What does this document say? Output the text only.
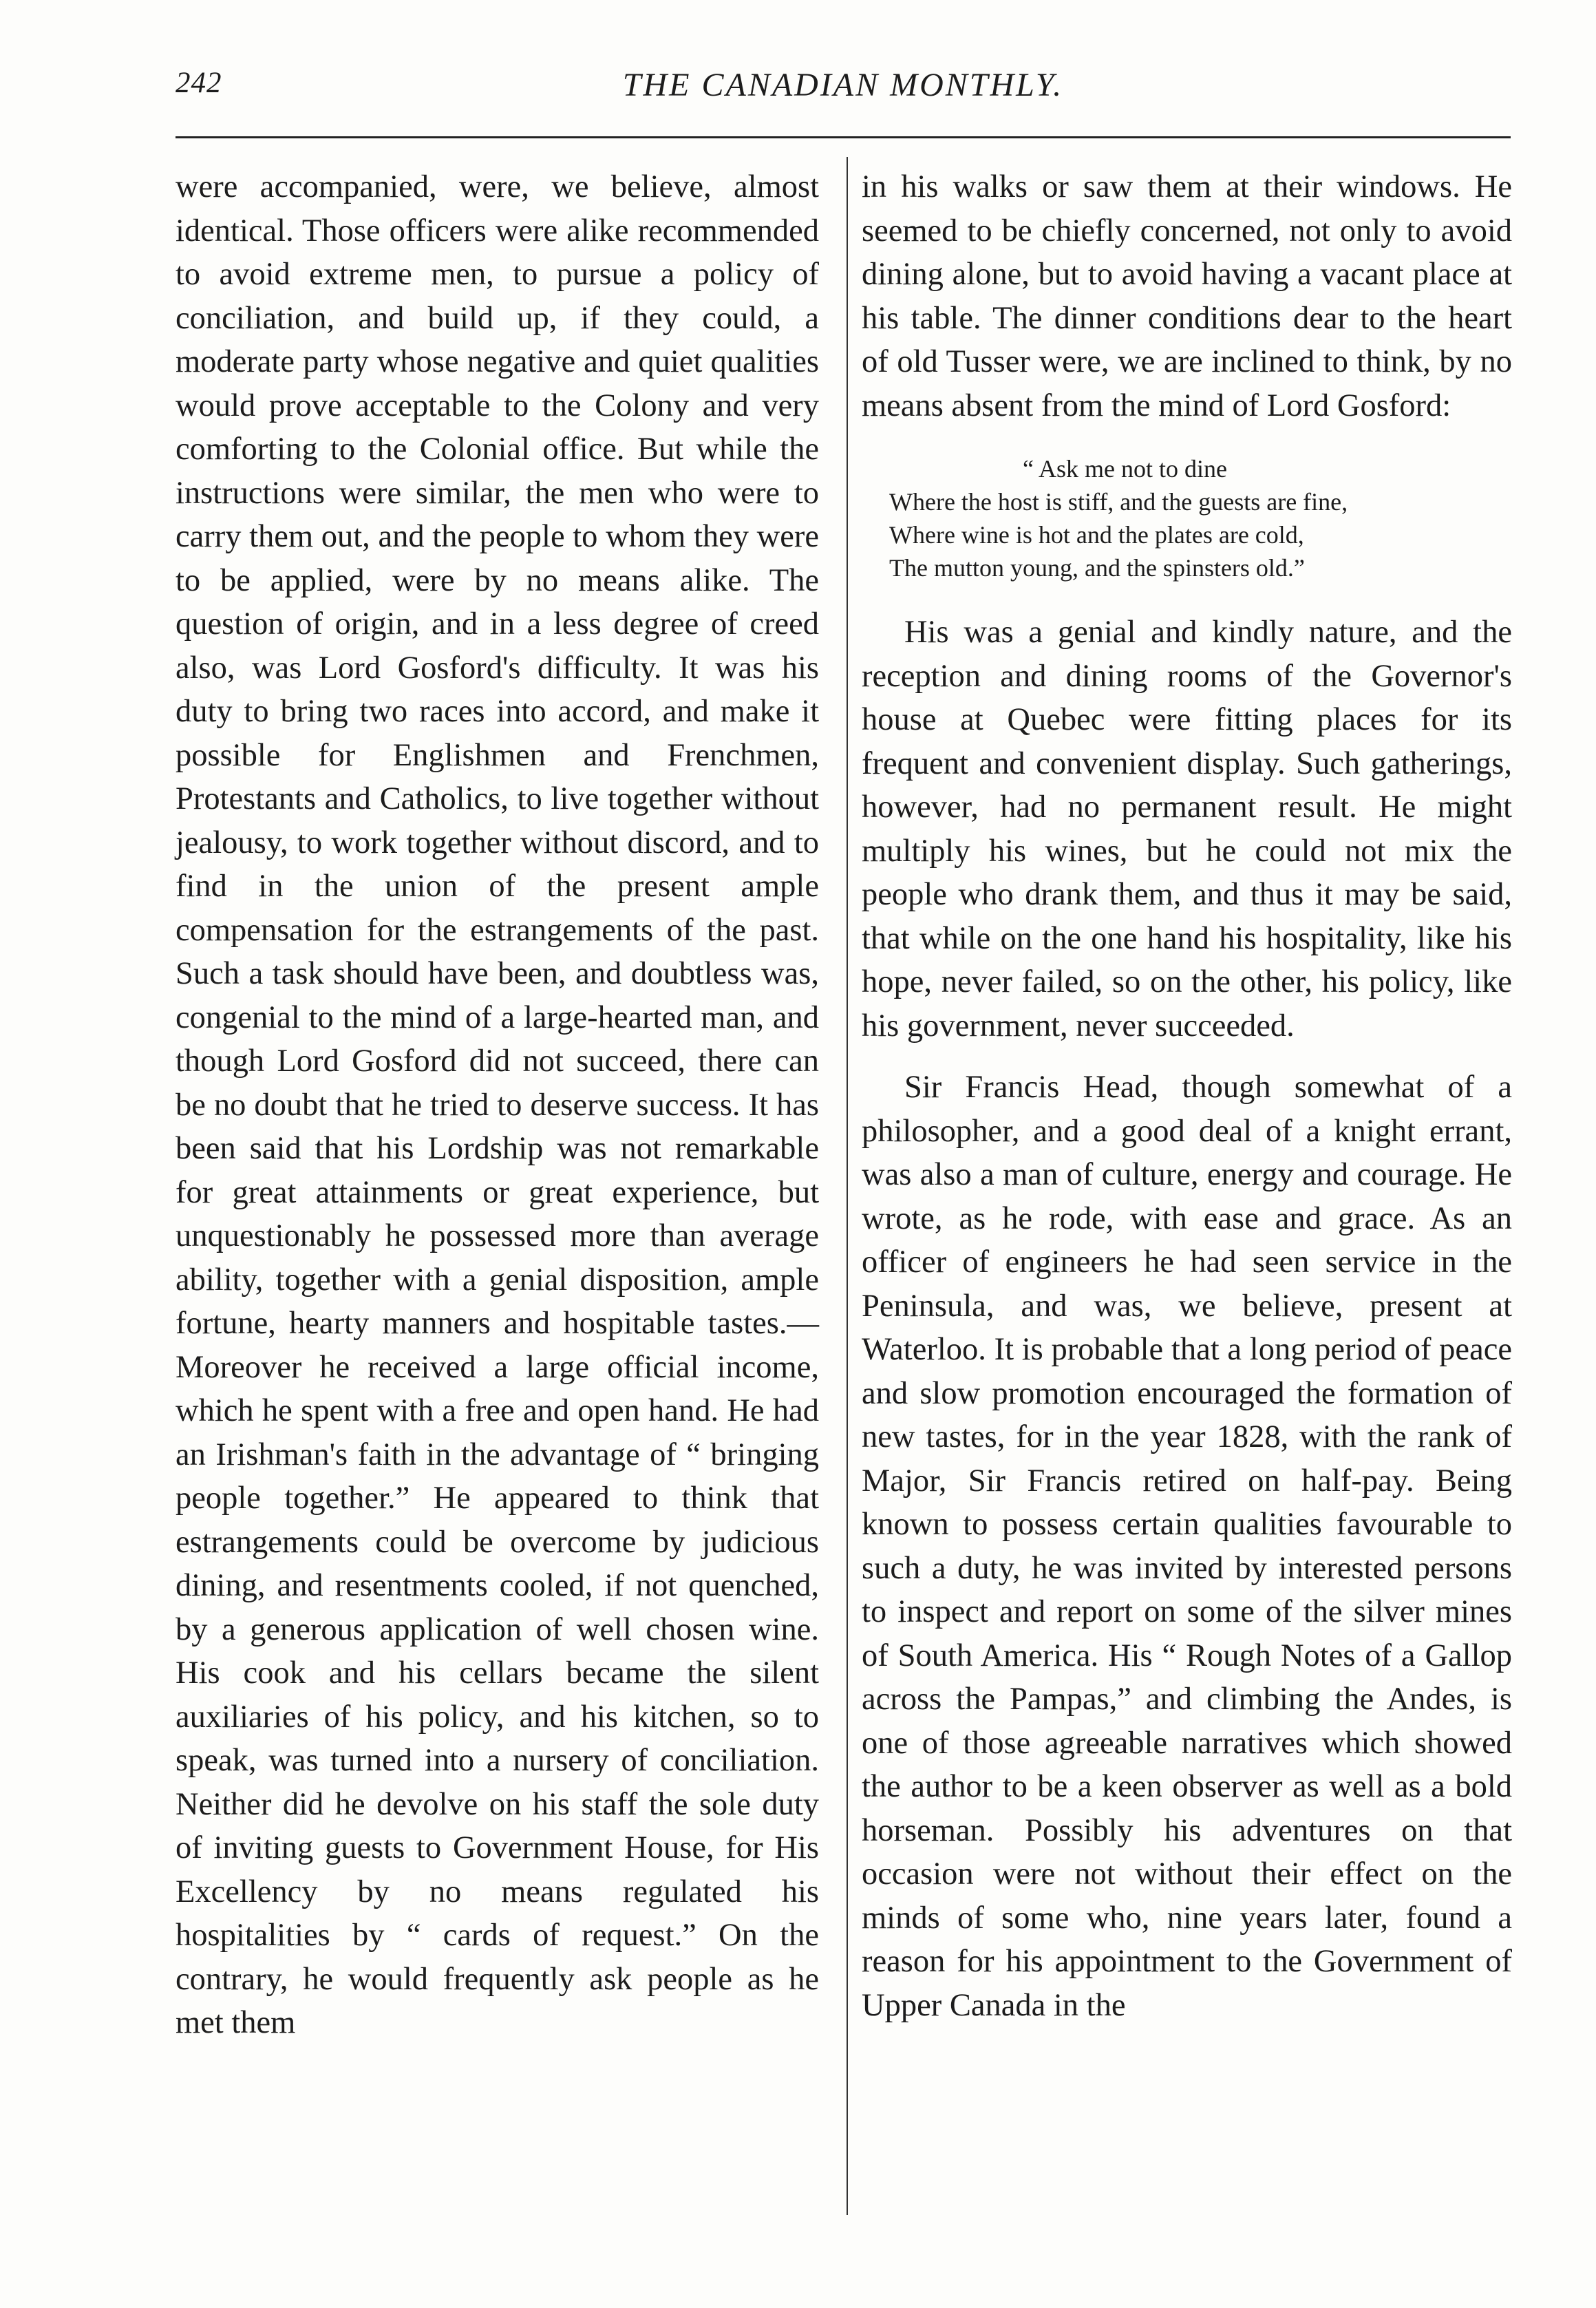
242	THE CANADIAN MONTHLY.

were accompanied, were, we believe, almost identical. Those officers were alike recommended to avoid extreme men, to pursue a policy of conciliation, and build up, if they could, a moderate party whose negative and quiet qualities would prove acceptable to the Colony and very comforting to the Colonial office. But while the instructions were similar, the men who were to carry them out, and the people to whom they were to be applied, were by no means alike. The question of origin, and in a less degree of creed also, was Lord Gosford's difficulty. It was his duty to bring two races into accord, and make it possible for Englishmen and Frenchmen, Protestants and Catholics, to live together without jealousy, to work together without discord, and to find in the union of the present ample compensation for the estrangements of the past. Such a task should have been, and doubtless was, congenial to the mind of a large-hearted man, and though Lord Gosford did not succeed, there can be no doubt that he tried to deserve success. It has been said that his Lordship was not remarkable for great attainments or great experience, but unquestionably he possessed more than average ability, together with a genial disposition, ample fortune, hearty manners and hospitable tastes.—Moreover he received a large official income, which he spent with a free and open hand. He had an Irishman's faith in the advantage of “ bringing people together.” He appeared to think that estrangements could be overcome by judicious dining, and resentments cooled, if not quenched, by a generous application of well chosen wine. His cook and his cellars became the silent auxiliaries of his policy, and his kitchen, so to speak, was turned into a nursery of conciliation. Neither did he devolve on his staff the sole duty of inviting guests to Government House, for His Excellency by no means regulated his hospitalities by “ cards of request.” On the contrary, he would frequently ask people as he met them

in his walks or saw them at their windows. He seemed to be chiefly concerned, not only to avoid dining alone, but to avoid having a vacant place at his table. The dinner conditions dear to the heart of old Tusser were, we are inclined to think, by no means absent from the mind of Lord Gosford:

“ Ask me not to dine
Where the host is stiff, and the guests are fine,
Where wine is hot and the plates are cold,
The mutton young, and the spinsters old.”

His was a genial and kindly nature, and the reception and dining rooms of the Governor's house at Quebec were fitting places for its frequent and convenient display. Such gatherings, however, had no permanent result. He might multiply his wines, but he could not mix the people who drank them, and thus it may be said, that while on the one hand his hospitality, like his hope, never failed, so on the other, his policy, like his government, never succeeded.

Sir Francis Head, though somewhat of a philosopher, and a good deal of a knight errant, was also a man of culture, energy and courage. He wrote, as he rode, with ease and grace. As an officer of engineers he had seen service in the Peninsula, and was, we believe, present at Waterloo. It is probable that a long period of peace and slow promotion encouraged the formation of new tastes, for in the year 1828, with the rank of Major, Sir Francis retired on half-pay. Being known to possess certain qualities favourable to such a duty, he was invited by interested persons to inspect and report on some of the silver mines of South America. His “ Rough Notes of a Gallop across the Pampas,” and climbing the Andes, is one of those agreeable narratives which showed the author to be a keen observer as well as a bold horseman. Possibly his adventures on that occasion were not without their effect on the minds of some who, nine years later, found a reason for his appointment to the Government of Upper Canada in the
